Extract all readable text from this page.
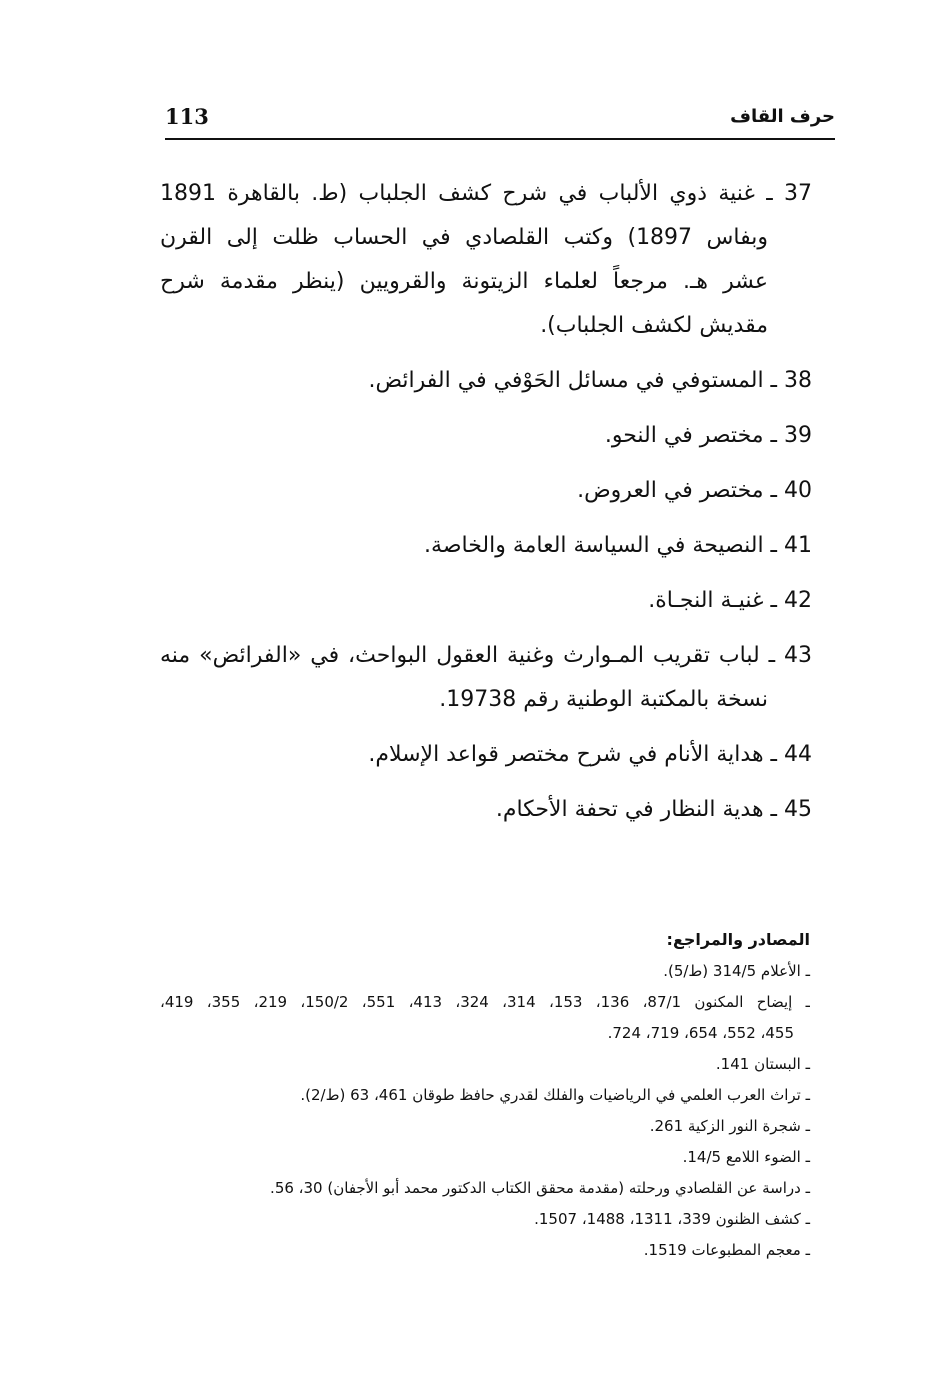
113	حرف القاف
37 ـ غنية ذوي الألباب في شرح كشف الجلباب (ط. بالقاهرة 1891
وبفاس 1897) وكتب القلصادي في الحساب ظلت إلى القرن
عشر هـ. مرجعاً لعلماء الزيتونة والقرويين (ينظر مقدمة شرح
مقديش لكشف الجلباب).
38 ـ المستوفي في مسائل الحَوْفي في الفرائض.
39 ـ مختصر في النحو.
40 ـ مختصر في العروض.
41 ـ النصيحة في السياسة العامة والخاصة.
42 ـ غنيـة النجـاة.
43 ـ لباب تقريب المـوارث وغنية العقول البواحث، في «الفرائض» منه
نسخة بالمكتبة الوطنية رقم 19738.
44 ـ هداية الأنام في شرح مختصر قواعد الإسلام.
45 ـ هدية النظار في تحفة الأحكام.
المصادر والمراجع:
ـ الأعلام 314/5 (ط/5).
ـ إيضاح المكنون 87/1، 136، 153، 314، 324، 413، 551، 150/2، 219، 355، 419،
455، 552، 654، 719، 724.
ـ البستان 141.
ـ تراث العرب العلمي في الرياضيات والفلك لقدري حافظ طوقان 461، 63 (ط/2).
ـ شجرة النور الزكية 261.
ـ الضوء اللامع 14/5.
ـ دراسة عن القلصادي ورحلته (مقدمة محقق الكتاب الدكتور محمد أبو الأجفان) 30، 56.
ـ كشف الظنون 339، 1311، 1488، 1507.
ـ معجم المطبوعات 1519.
